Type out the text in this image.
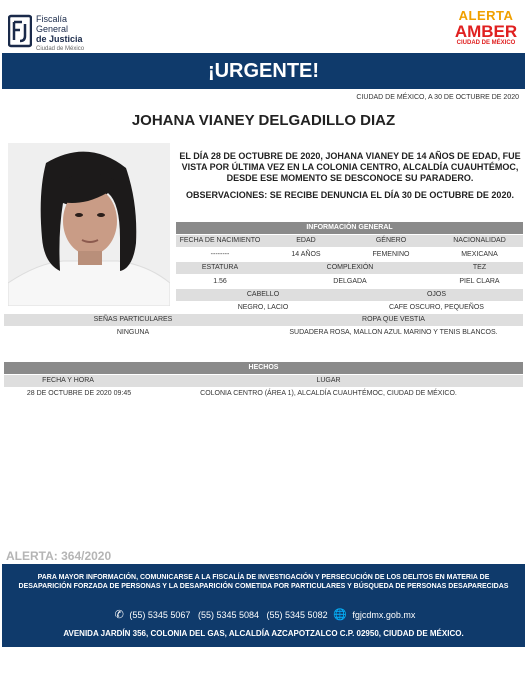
Fiscalía
General
de Justicia
Ciudad de México
ALERTA
AMBER
CIUDAD DE MÉXICO
¡URGENTE!
CIUDAD DE MÉXICO, A 30 DE OCTUBRE DE 2020
JOHANA VIANEY DELGADILLO DIAZ
EL DÍA 28 DE OCTUBRE DE 2020, JOHANA VIANEY DE 14 AÑOS DE EDAD, FUE VISTA POR ÚLTIMA VEZ EN LA COLONIA CENTRO, ALCALDÍA CUAUHTÉMOC, DESDE ESE MOMENTO SE DESCONOCE SU PARADERO.
OBSERVACIONES: SE RECIBE DENUNCIA EL DÍA 30 DE OCTUBRE DE 2020.
INFORMACIÓN GENERAL
FECHA DE NACIMIENTO	EDAD	GÉNERO	NACIONALIDAD
--------	14 AÑOS	FEMENINO	MEXICANA
ESTATURA	COMPLEXIÓN	TEZ
1.56	DELGADA	PIEL CLARA
CABELLO	OJOS
NEGRO, LACIO	CAFE OSCURO, PEQUEÑOS
SEÑAS PARTICULARES	ROPA QUE VESTIA
NINGUNA	SUDADERA ROSA, MALLON AZUL MARINO Y TENIS BLANCOS.
HECHOS
FECHA Y HORA	LUGAR
28 DE OCTUBRE DE 2020 09:45	COLONIA CENTRO (ÁREA 1), ALCALDÍA CUAUHTÉMOC, CIUDAD DE MÉXICO.
ALERTA: 364/2020
PARA MAYOR INFORMACIÓN, COMUNICARSE A LA FISCALÍA DE INVESTIGACIÓN Y PERSECUCIÓN DE LOS DELITOS EN MATERIA DE DESAPARICIÓN FORZADA DE PERSONAS Y LA DESAPARICIÓN COMETIDA POR PARTICULARES Y BÚSQUEDA DE PERSONAS DESAPARECIDAS
✆ (55) 5345 5067 (55) 5345 5084 (55) 5345 5082 🌐 fgjcdmx.gob.mx
AVENIDA JARDÍN 356, COLONIA DEL GAS, ALCALDÍA AZCAPOTZALCO C.P. 02950, CIUDAD DE MÉXICO.
